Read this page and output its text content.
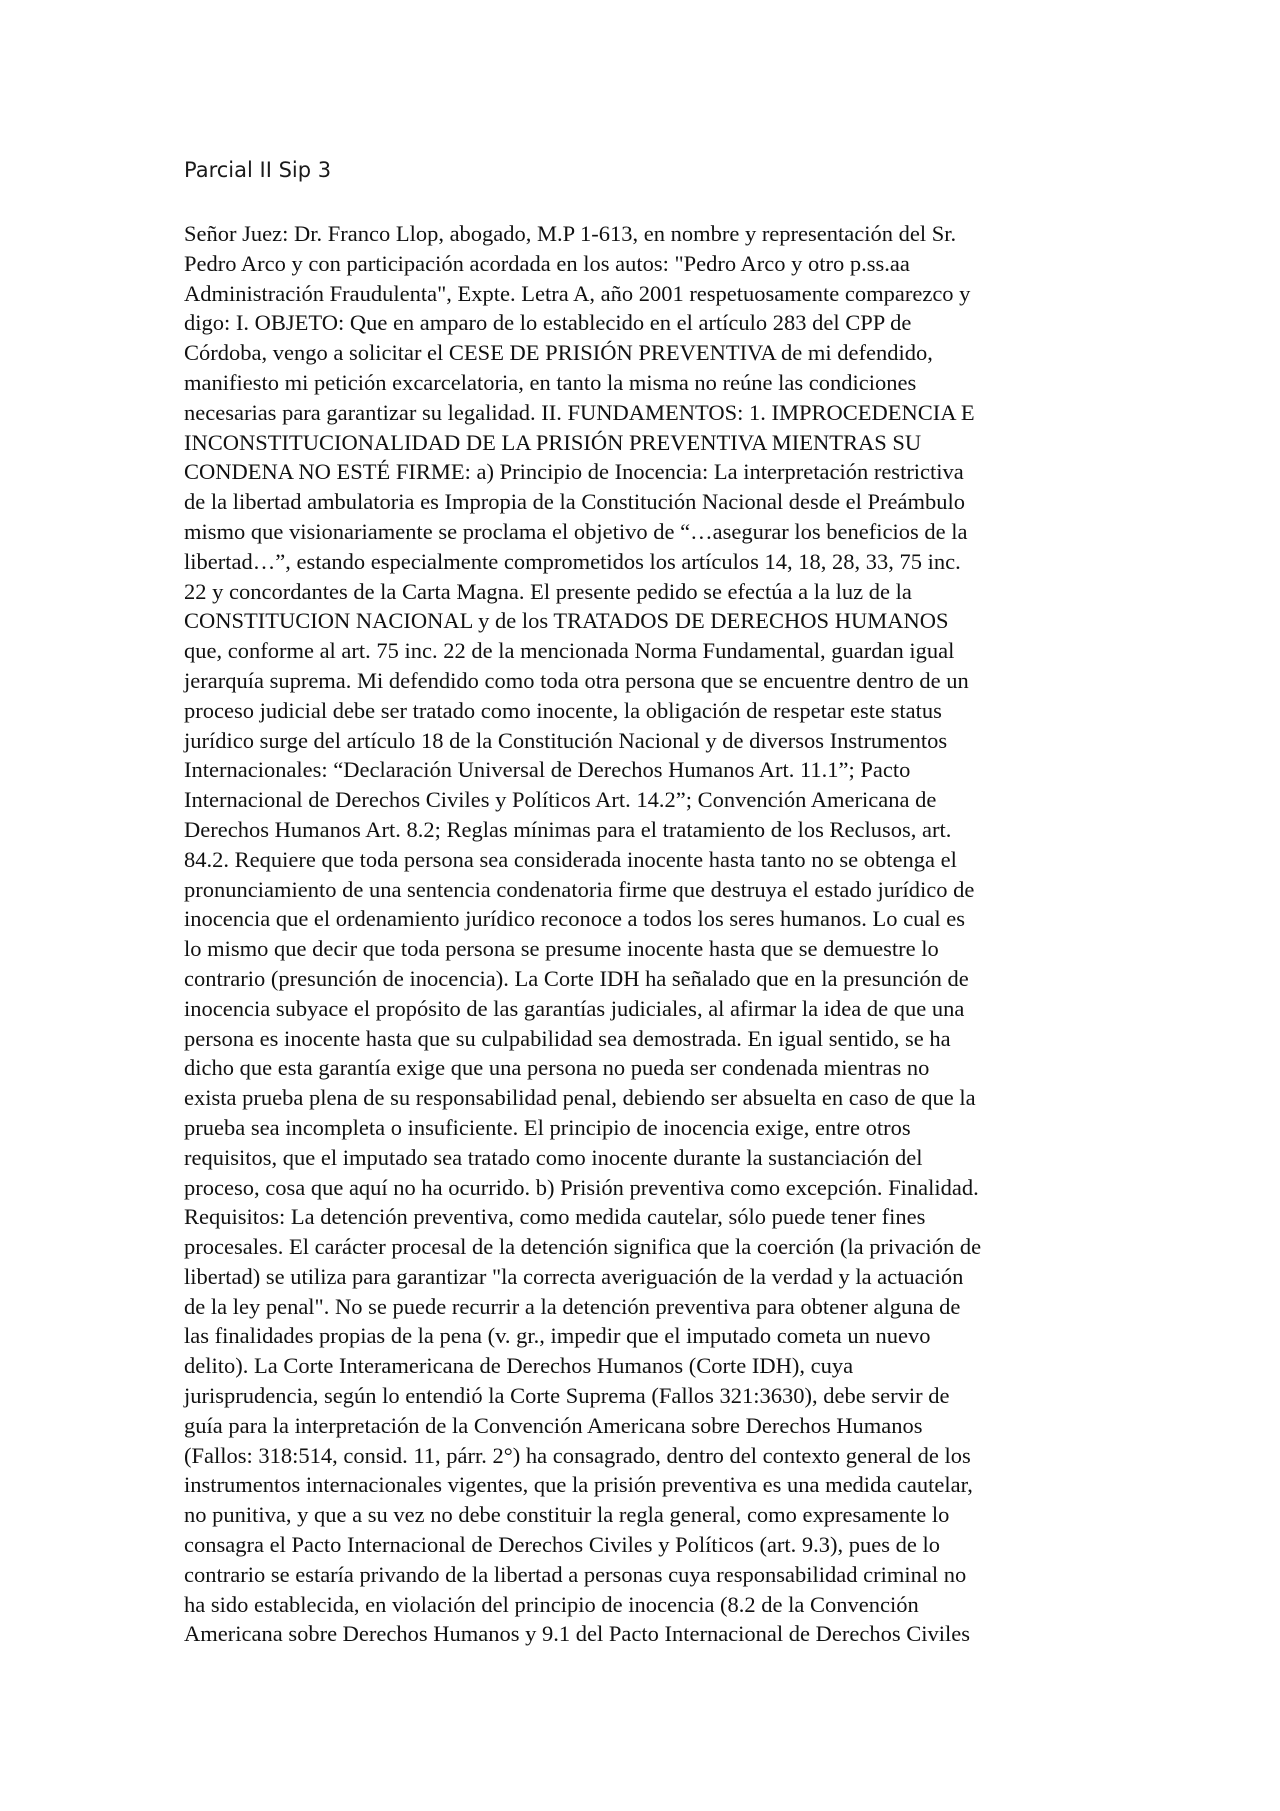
Parcial II Sip 3
Señor Juez: Dr. Franco Llop, abogado, M.P 1-613, en nombre y representación del Sr.
Pedro Arco y con participación acordada en los autos: "Pedro Arco y otro p.ss.aa
Administración Fraudulenta", Expte. Letra A, año 2001 respetuosamente comparezco y
digo: I. OBJETO: Que en amparo de lo establecido en el artículo 283 del CPP de
Córdoba, vengo a solicitar el CESE DE PRISIÓN PREVENTIVA de mi defendido,
manifiesto mi petición excarcelatoria, en tanto la misma no reúne las condiciones
necesarias para garantizar su legalidad. II. FUNDAMENTOS: 1. IMPROCEDENCIA E
INCONSTITUCIONALIDAD DE LA PRISIÓN PREVENTIVA MIENTRAS SU
CONDENA NO ESTÉ FIRME: a) Principio de Inocencia: La interpretación restrictiva
de la libertad ambulatoria es Impropia de la Constitución Nacional desde el Preámbulo
mismo que visionariamente se proclama el objetivo de “…asegurar los beneficios de la
libertad…”, estando especialmente comprometidos los artículos 14, 18, 28, 33, 75 inc.
22 y concordantes de la Carta Magna. El presente pedido se efectúa a la luz de la
CONSTITUCION NACIONAL y de los TRATADOS DE DERECHOS HUMANOS
que, conforme al art. 75 inc. 22 de la mencionada Norma Fundamental, guardan igual
jerarquía suprema. Mi defendido como toda otra persona que se encuentre dentro de un
proceso judicial debe ser tratado como inocente, la obligación de respetar este status
jurídico surge del artículo 18 de la Constitución Nacional y de diversos Instrumentos
Internacionales: “Declaración Universal de Derechos Humanos Art. 11.1”; Pacto
Internacional de Derechos Civiles y Políticos Art. 14.2”; Convención Americana de
Derechos Humanos Art. 8.2; Reglas mínimas para el tratamiento de los Reclusos, art.
84.2. Requiere que toda persona sea considerada inocente hasta tanto no se obtenga el
pronunciamiento de una sentencia condenatoria firme que destruya el estado jurídico de
inocencia que el ordenamiento jurídico reconoce a todos los seres humanos. Lo cual es
lo mismo que decir que toda persona se presume inocente hasta que se demuestre lo
contrario (presunción de inocencia). La Corte IDH ha señalado que en la presunción de
inocencia subyace el propósito de las garantías judiciales, al afirmar la idea de que una
persona es inocente hasta que su culpabilidad sea demostrada. En igual sentido, se ha
dicho que esta garantía exige que una persona no pueda ser condenada mientras no
exista prueba plena de su responsabilidad penal, debiendo ser absuelta en caso de que la
prueba sea incompleta o insuficiente. El principio de inocencia exige, entre otros
requisitos, que el imputado sea tratado como inocente durante la sustanciación del
proceso, cosa que aquí no ha ocurrido. b) Prisión preventiva como excepción. Finalidad.
Requisitos: La detención preventiva, como medida cautelar, sólo puede tener fines
procesales. El carácter procesal de la detención significa que la coerción (la privación de
libertad) se utiliza para garantizar "la correcta averiguación de la verdad y la actuación
de la ley penal". No se puede recurrir a la detención preventiva para obtener alguna de
las finalidades propias de la pena (v. gr., impedir que el imputado cometa un nuevo
delito). La Corte Interamericana de Derechos Humanos (Corte IDH), cuya
jurisprudencia, según lo entendió la Corte Suprema (Fallos 321:3630), debe servir de
guía para la interpretación de la Convención Americana sobre Derechos Humanos
(Fallos: 318:514, consid. 11, párr. 2°) ha consagrado, dentro del contexto general de los
instrumentos internacionales vigentes, que la prisión preventiva es una medida cautelar,
no punitiva, y que a su vez no debe constituir la regla general, como expresamente lo
consagra el Pacto Internacional de Derechos Civiles y Políticos (art. 9.3), pues de lo
contrario se estaría privando de la libertad a personas cuya responsabilidad criminal no
ha sido establecida, en violación del principio de inocencia (8.2 de la Convención
Americana sobre Derechos Humanos y 9.1 del Pacto Internacional de Derechos Civiles
